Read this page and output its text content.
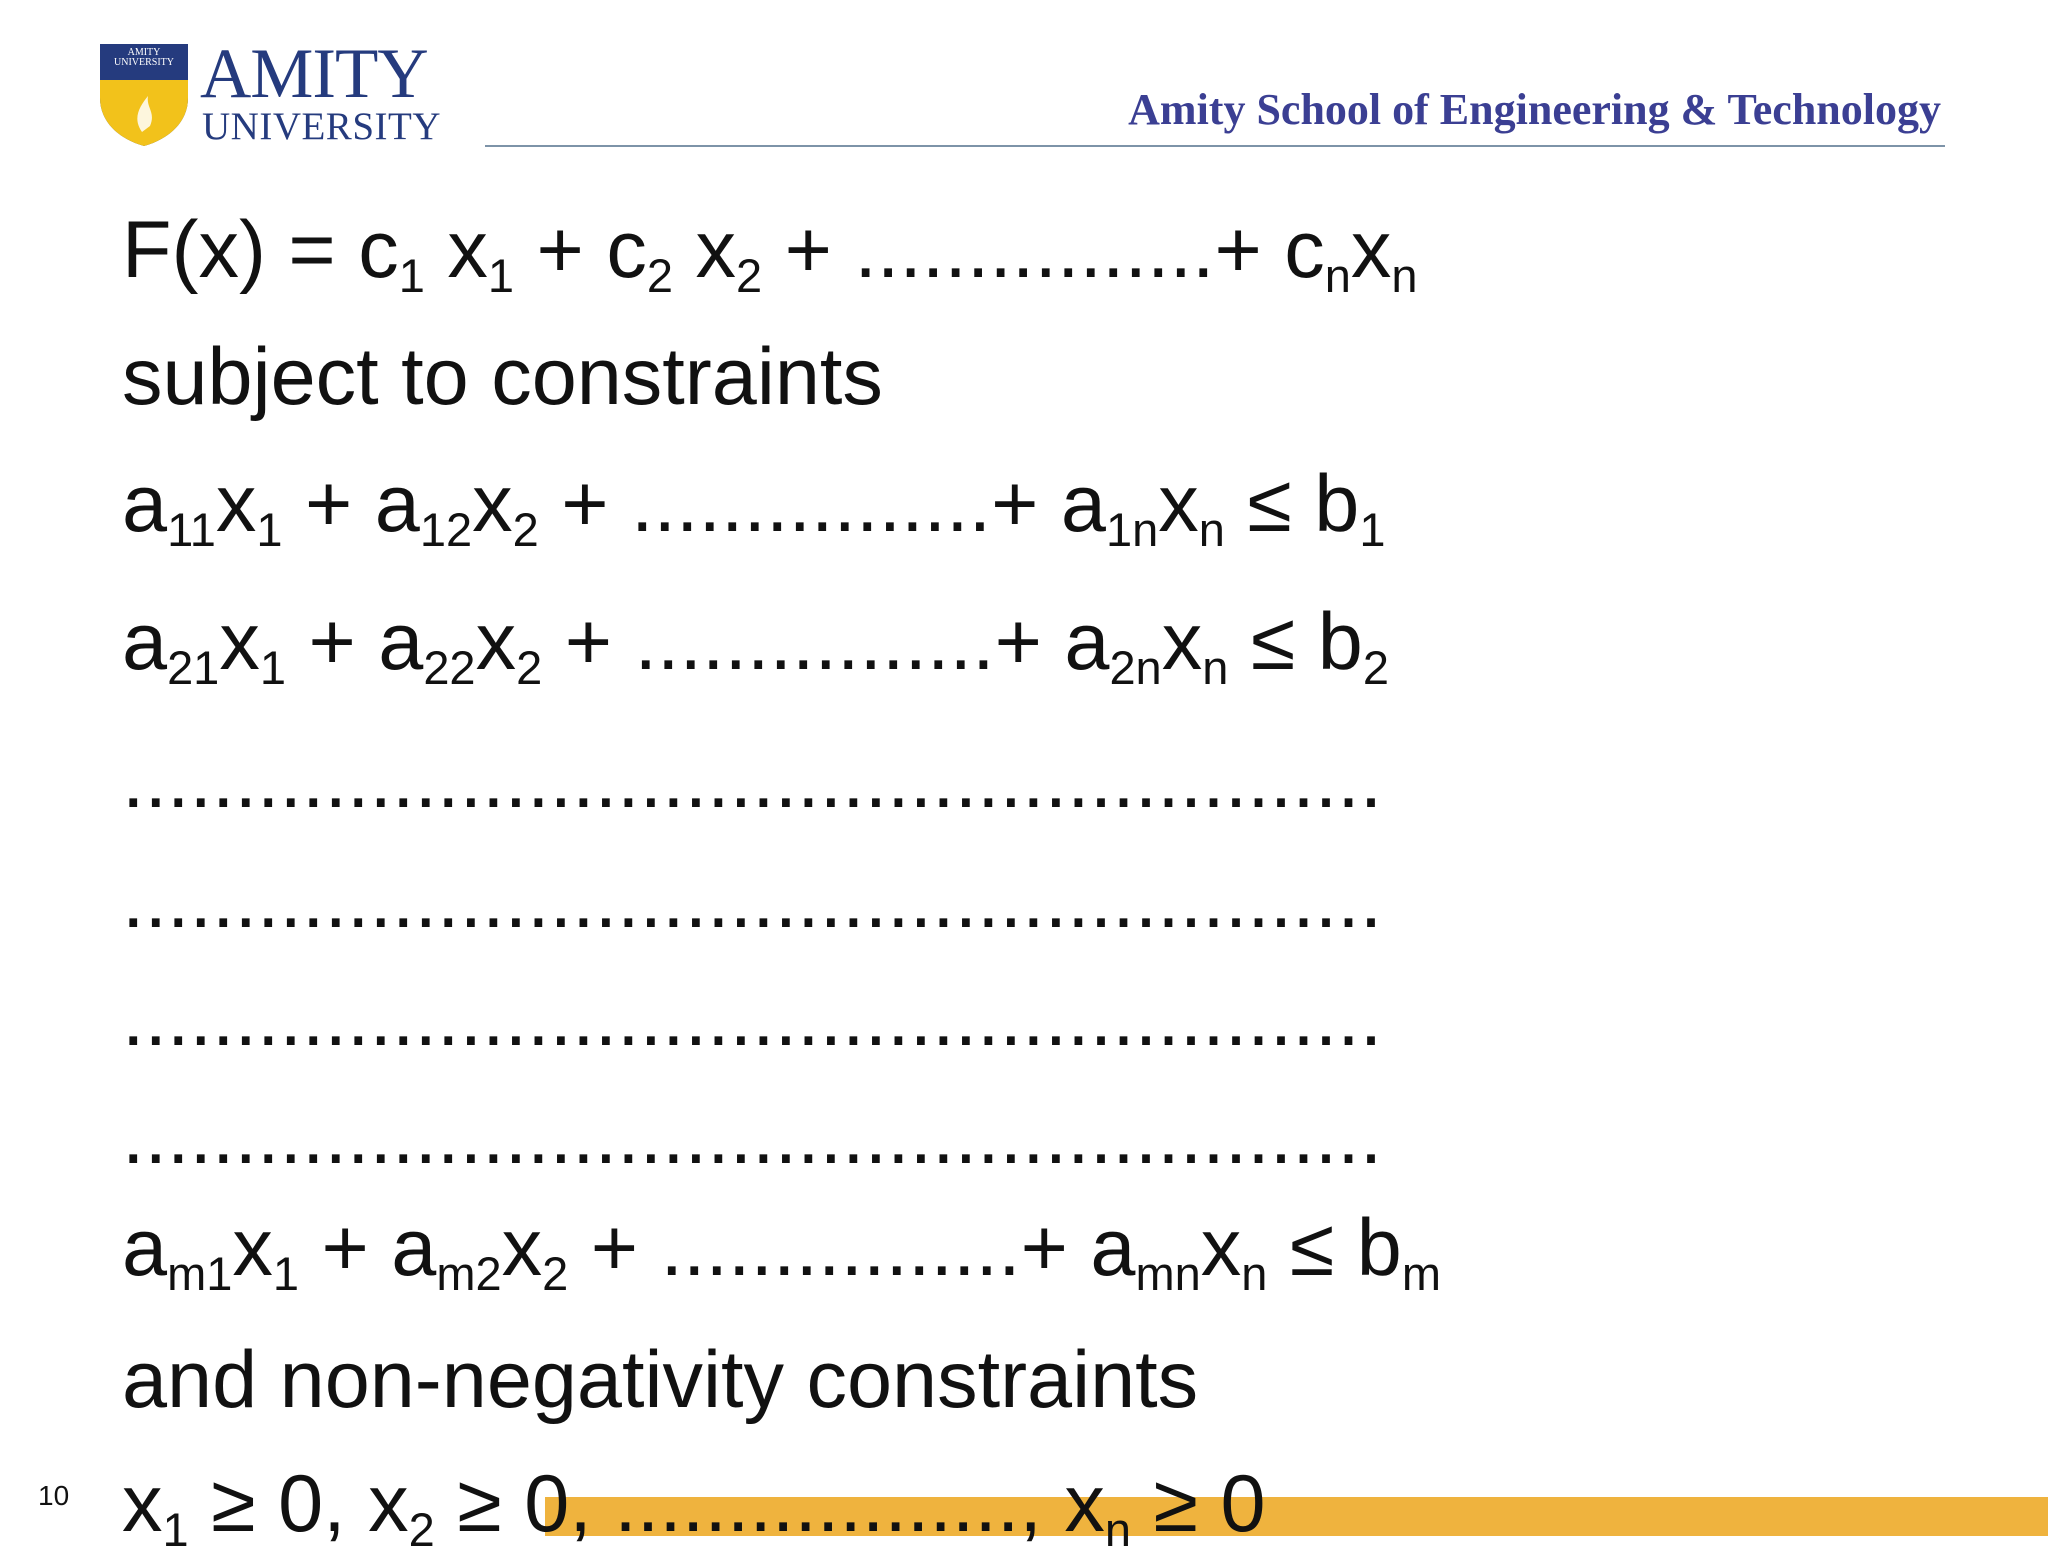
AMITY UNIVERSITY AMITY
UNIVERSITY	Amity School of Engineering & Technology
$F(x) = c_1$ $x_1 + c_2$ $x_2$ + ................+ $c_nx_n$
subject to constraints
$a_{11}x_1 + a_{12}x_2$ + ................+ $a_{1n}x_n \le b_1$
$a_{21}x_1 + a_{22}x_2$ + ................+ $a_{2n}x_n \le b_2$
........................................................
........................................................
........................................................
........................................................
$a_{m1}x_1 + a_{m2}x_2$ + ................+ $a_{mn}x_n \le b_m$
and non-negativity constraints
$x_1 \ge 0$, $x_2 \ge 0$, .................., $x_n \ge 0$
10
